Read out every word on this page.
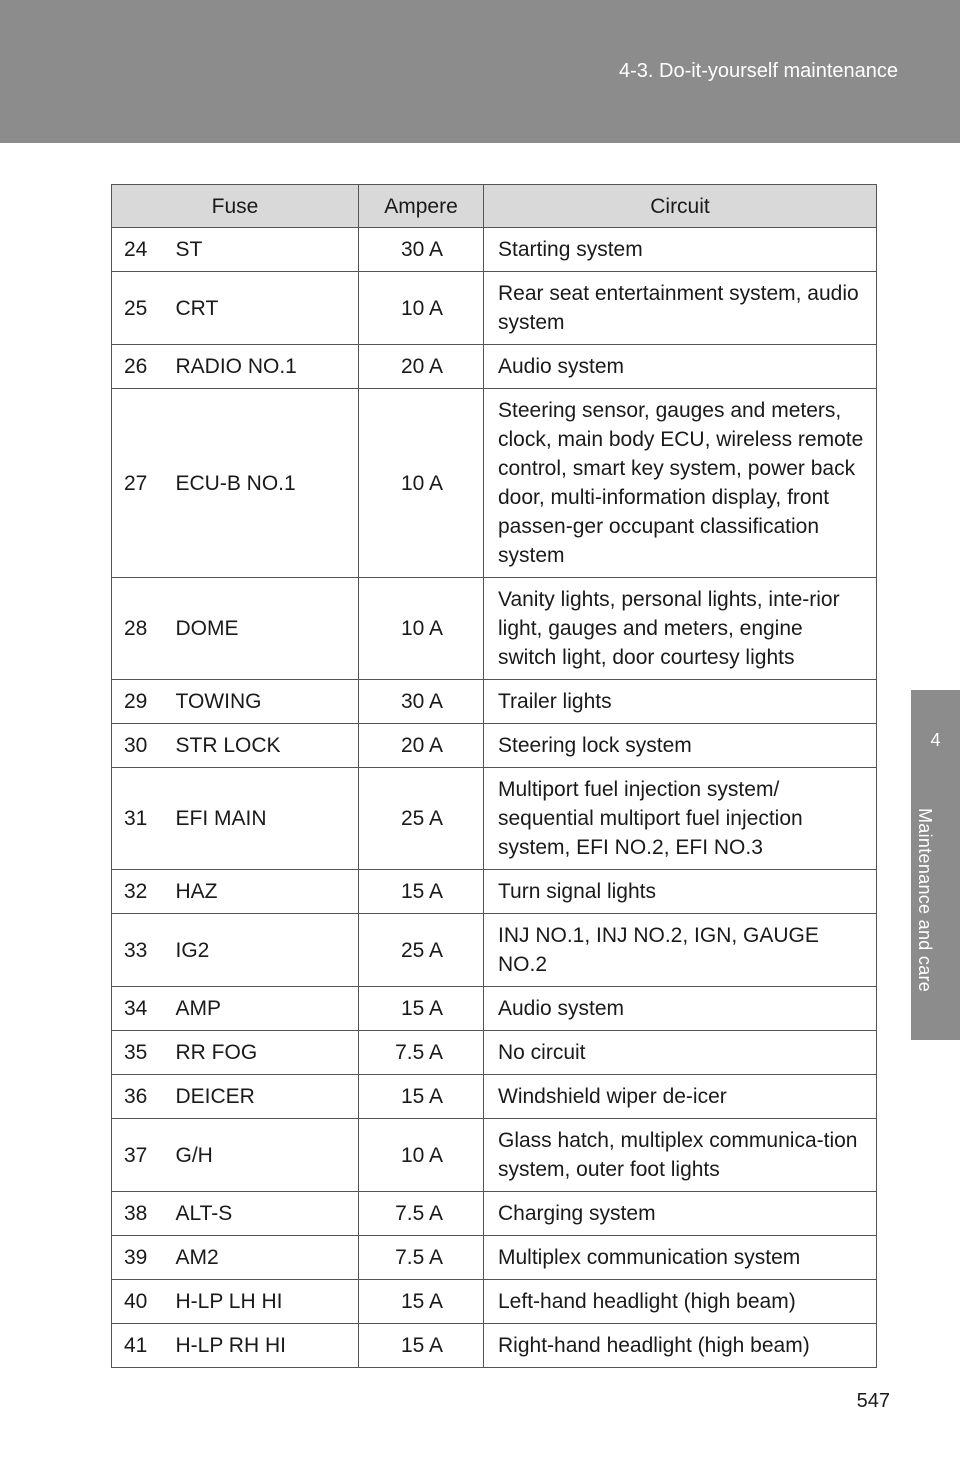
4-3. Do-it-yourself maintenance
4
Maintenance and care
Fuse		Ampere	Circuit
24	ST	30 A	Starting system
25	CRT	10 A	Rear seat entertainment system, audio system
26	RADIO NO.1	20 A	Audio system
27	ECU-B NO.1	10 A	Steering sensor, gauges and meters, clock, main body ECU, wireless remote control, smart key system, power back door, multi-information display, front passen-ger occupant classification system
28	DOME	10 A	Vanity lights, personal lights, inte-rior light, gauges and meters, engine switch light, door courtesy lights
29	TOWING	30 A	Trailer lights
30	STR LOCK	20 A	Steering lock system
31	EFI MAIN	25 A	Multiport fuel injection system/ sequential multiport fuel injection system, EFI NO.2, EFI NO.3
32	HAZ	15 A	Turn signal lights
33	IG2	25 A	INJ NO.1, INJ NO.2, IGN, GAUGE NO.2
34	AMP	15 A	Audio system
35	RR FOG	7.5 A	No circuit
36	DEICER	15 A	Windshield wiper de-icer
37	G/H	10 A	Glass hatch, multiplex communica-tion system, outer foot lights
38	ALT-S	7.5 A	Charging system
39	AM2	7.5 A	Multiplex communication system
40	H-LP LH HI	15 A	Left-hand headlight (high beam)
41	H-LP RH HI	15 A	Right-hand headlight (high beam)
547
